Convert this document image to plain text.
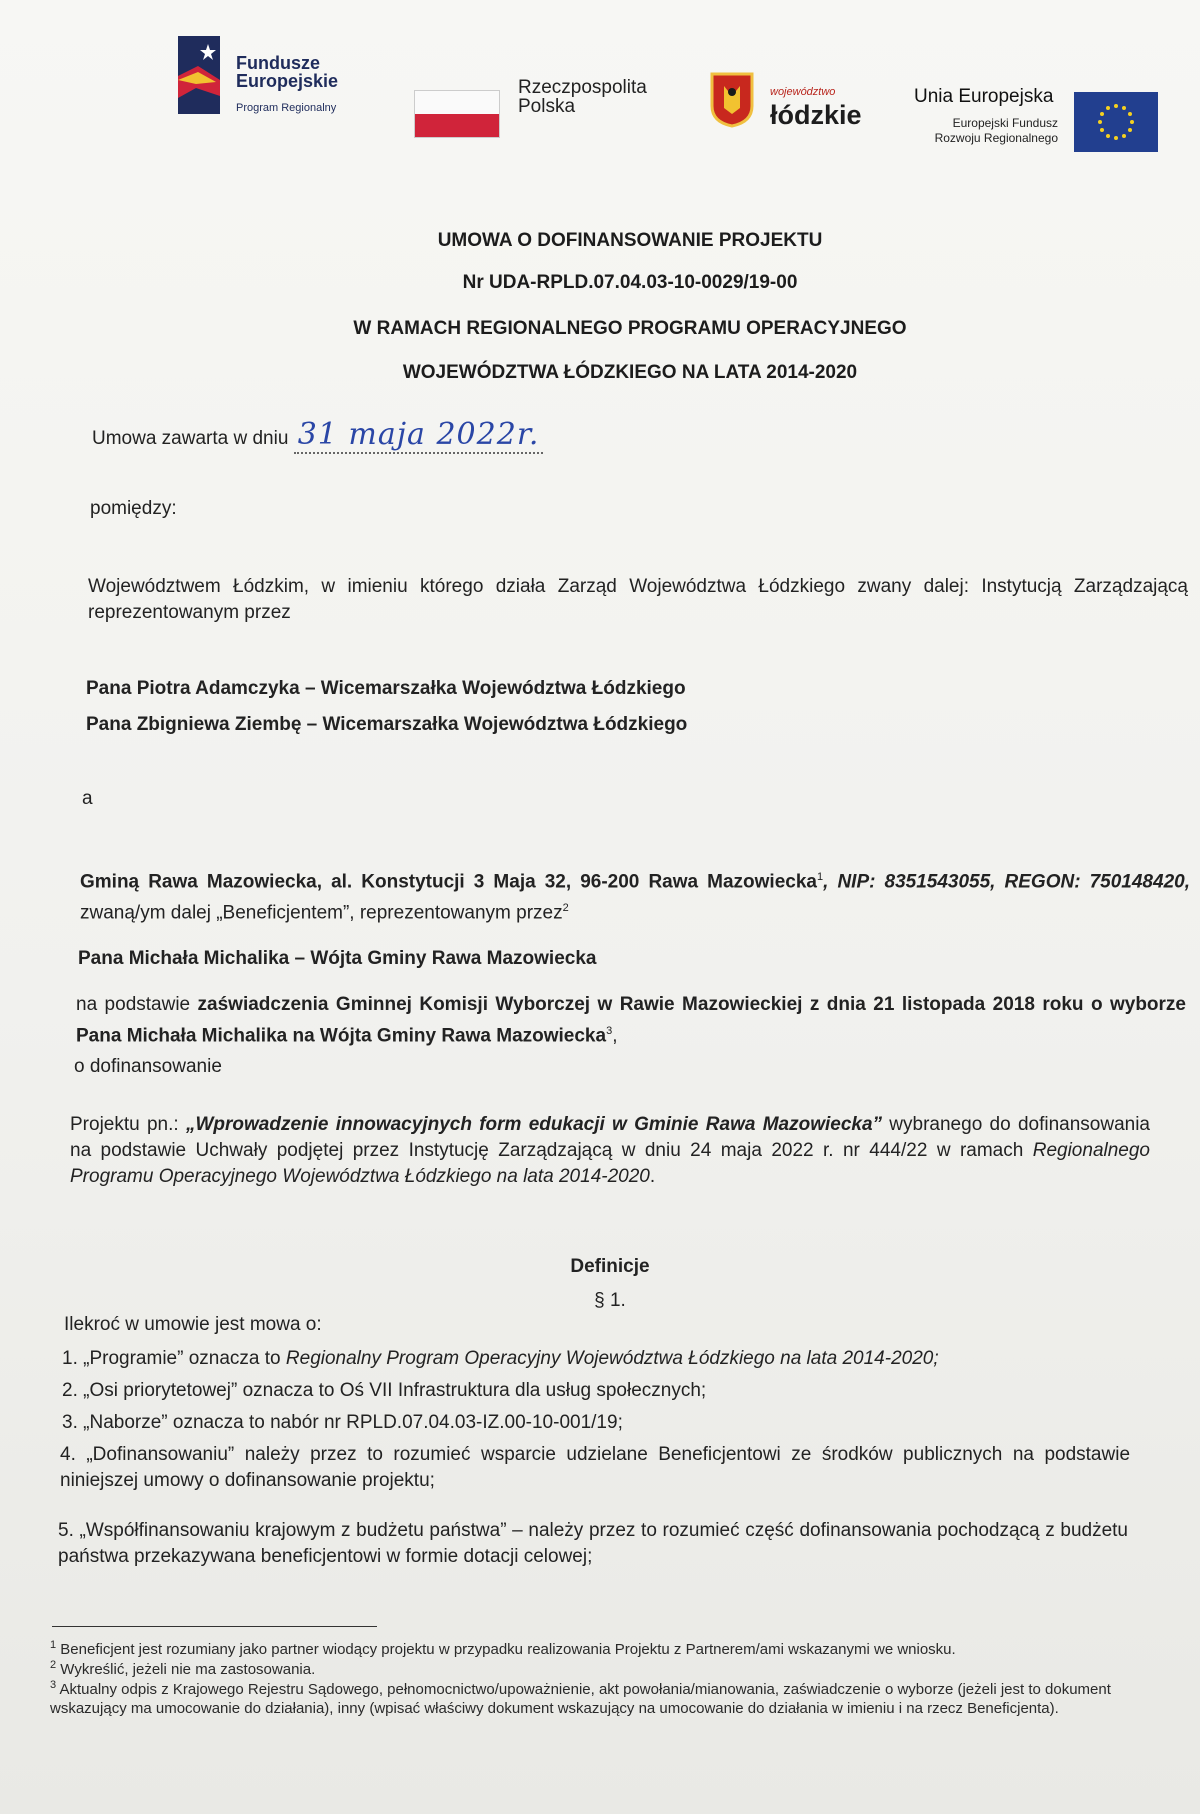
Fundusze
Europejskie
Program Regionalny
Rzeczpospolita
Polska
województwo
łódzkie
Unia Europejska
Europejski Fundusz Rozwoju Regionalnego
UMOWA O DOFINANSOWANIE PROJEKTU
Nr UDA-RPLD.07.04.03-10-0029/19-00
W RAMACH REGIONALNEGO PROGRAMU OPERACYJNEGO
WOJEWÓDZTWA ŁÓDZKIEGO NA LATA 2014-2020
Umowa zawarta w dniu 31 maja 2022r.
pomiędzy:
Województwem Łódzkim, w imieniu którego działa Zarząd Województwa Łódzkiego zwany dalej: Instytucją Zarządzającą reprezentowanym przez
Pana Piotra Adamczyka – Wicemarszałka Województwa Łódzkiego
Pana Zbigniewa Ziembę – Wicemarszałka Województwa Łódzkiego
a
Gminą Rawa Mazowiecka, al. Konstytucji 3 Maja 32, 96-200 Rawa Mazowiecka$^1$, NIP: 8351543055, REGON: 750148420, zwaną/ym dalej „Beneficjentem”, reprezentowanym przez$^2$
Pana Michała Michalika – Wójta Gminy Rawa Mazowiecka
na podstawie zaświadczenia Gminnej Komisji Wyborczej w Rawie Mazowieckiej z dnia 21 listopada 2018 roku o wyborze Pana Michała Michalika na Wójta Gminy Rawa Mazowiecka$^3$,
o dofinansowanie
Projektu pn.: „Wprowadzenie innowacyjnych form edukacji w Gminie Rawa Mazowiecka” wybranego do dofinansowania na podstawie Uchwały podjętej przez Instytucję Zarządzającą w dniu 24 maja 2022 r. nr 444/22 w ramach Regionalnego Programu Operacyjnego Województwa Łódzkiego na lata 2014-2020.
Definicje
§ 1.
Ilekroć w umowie jest mowa o:
1. „Programie” oznacza to Regionalny Program Operacyjny Województwa Łódzkiego na lata 2014-2020;
2. „Osi priorytetowej” oznacza to Oś VII Infrastruktura dla usług społecznych;
3. „Naborze” oznacza to nabór nr RPLD.07.04.03-IZ.00-10-001/19;
4. „Dofinansowaniu” należy przez to rozumieć wsparcie udzielane Beneficjentowi ze środków publicznych na podstawie niniejszej umowy o dofinansowanie projektu;
5. „Współfinansowaniu krajowym z budżetu państwa” – należy przez to rozumieć część dofinansowania pochodzącą z budżetu państwa przekazywana beneficjentowi w formie dotacji celowej;
$^1$ Beneficjent jest rozumiany jako partner wiodący projektu w przypadku realizowania Projektu z Partnerem/ami wskazanymi we wniosku.
$^2$ Wykreślić, jeżeli nie ma zastosowania.
$^3$ Aktualny odpis z Krajowego Rejestru Sądowego, pełnomocnictwo/upoważnienie, akt powołania/mianowania, zaświadczenie o wyborze (jeżeli jest to dokument wskazujący ma umocowanie do działania), inny (wpisać właściwy dokument wskazujący na umocowanie do działania w imieniu i na rzecz Beneficjenta).
